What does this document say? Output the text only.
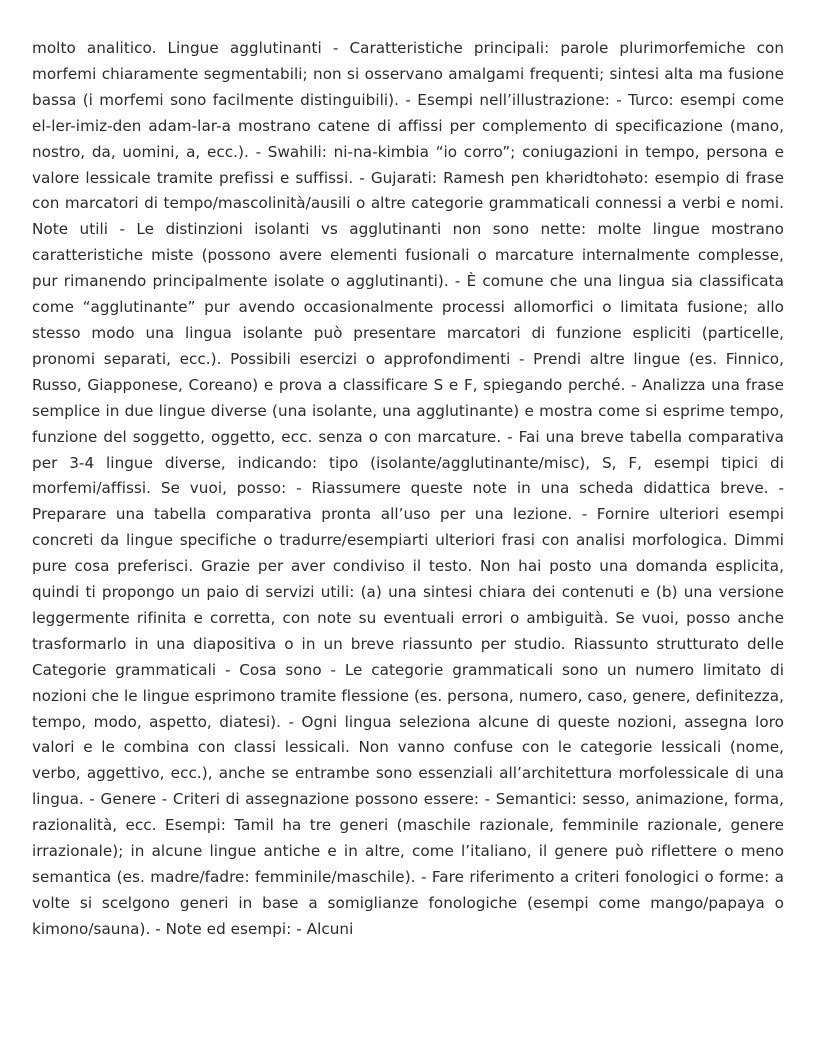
molto analitico. Lingue agglutinanti - Caratteristiche principali: parole plurimorfemiche con morfemi chiaramente segmentabili; non si osservano amalgami frequenti; sintesi alta ma fusione bassa (i morfemi sono facilmente distinguibili). - Esempi nell’illustrazione: - Turco: esempi come el-ler-imiz-den adam-lar-a mostrano catene di affissi per complemento di specificazione (mano, nostro, da, uomini, a, ecc.). - Swahili: ni-na-kimbia “io corro”; coniugazioni in tempo, persona e valore lessicale tramite prefissi e suffissi. - Gujarati: Ramesh pen khəridtohəto: esempio di frase con marcatori di tempo/mascolinità/ausili o altre categorie grammaticali connessi a verbi e nomi. Note utili - Le distinzioni isolanti vs agglutinanti non sono nette: molte lingue mostrano caratteristiche miste (possono avere elementi fusionali o marcature internalmente complesse, pur rimanendo principalmente isolate o agglutinanti). - È comune che una lingua sia classificata come “agglutinante” pur avendo occasionalmente processi allomorfici o limitata fusione; allo stesso modo una lingua isolante può presentare marcatori di funzione espliciti (particelle, pronomi separati, ecc.). Possibili esercizi o approfondimenti - Prendi altre lingue (es. Finnico, Russo, Giapponese, Coreano) e prova a classificare S e F, spiegando perché. - Analizza una frase semplice in due lingue diverse (una isolante, una agglutinante) e mostra come si esprime tempo, funzione del soggetto, oggetto, ecc. senza o con marcature. - Fai una breve tabella comparativa per 3-4 lingue diverse, indicando: tipo (isolante/agglutinante/misc), S, F, esempi tipici di morfemi/affissi. Se vuoi, posso: - Riassumere queste note in una scheda didattica breve. - Preparare una tabella comparativa pronta all’uso per una lezione. - Fornire ulteriori esempi concreti da lingue specifiche o tradurre/esempiarti ulteriori frasi con analisi morfologica. Dimmi pure cosa preferisci. Grazie per aver condiviso il testo. Non hai posto una domanda esplicita, quindi ti propongo un paio di servizi utili: (a) una sintesi chiara dei contenuti e (b) una versione leggermente rifinita e corretta, con note su eventuali errori o ambiguità. Se vuoi, posso anche trasformarlo in una diapositiva o in un breve riassunto per studio. Riassunto strutturato delle Categorie grammaticali - Cosa sono - Le categorie grammaticali sono un numero limitato di nozioni che le lingue esprimono tramite flessione (es. persona, numero, caso, genere, definitezza, tempo, modo, aspetto, diatesi). - Ogni lingua seleziona alcune di queste nozioni, assegna loro valori e le combina con classi lessicali. Non vanno confuse con le categorie lessicali (nome, verbo, aggettivo, ecc.), anche se entrambe sono essenziali all’architettura morfolessicale di una lingua. - Genere - Criteri di assegnazione possono essere: - Semantici: sesso, animazione, forma, razionalità, ecc. Esempi: Tamil ha tre generi (maschile razionale, femminile razionale, genere irrazionale); in alcune lingue antiche e in altre, come l’italiano, il genere può riflettere o meno semantica (es. madre/fadre: femminile/maschile). - Fare riferimento a criteri fonologici o forme: a volte si scelgono generi in base a somiglianze fonologiche (esempi come mango/papaya o kimono/sauna). - Note ed esempi: - Alcuni
